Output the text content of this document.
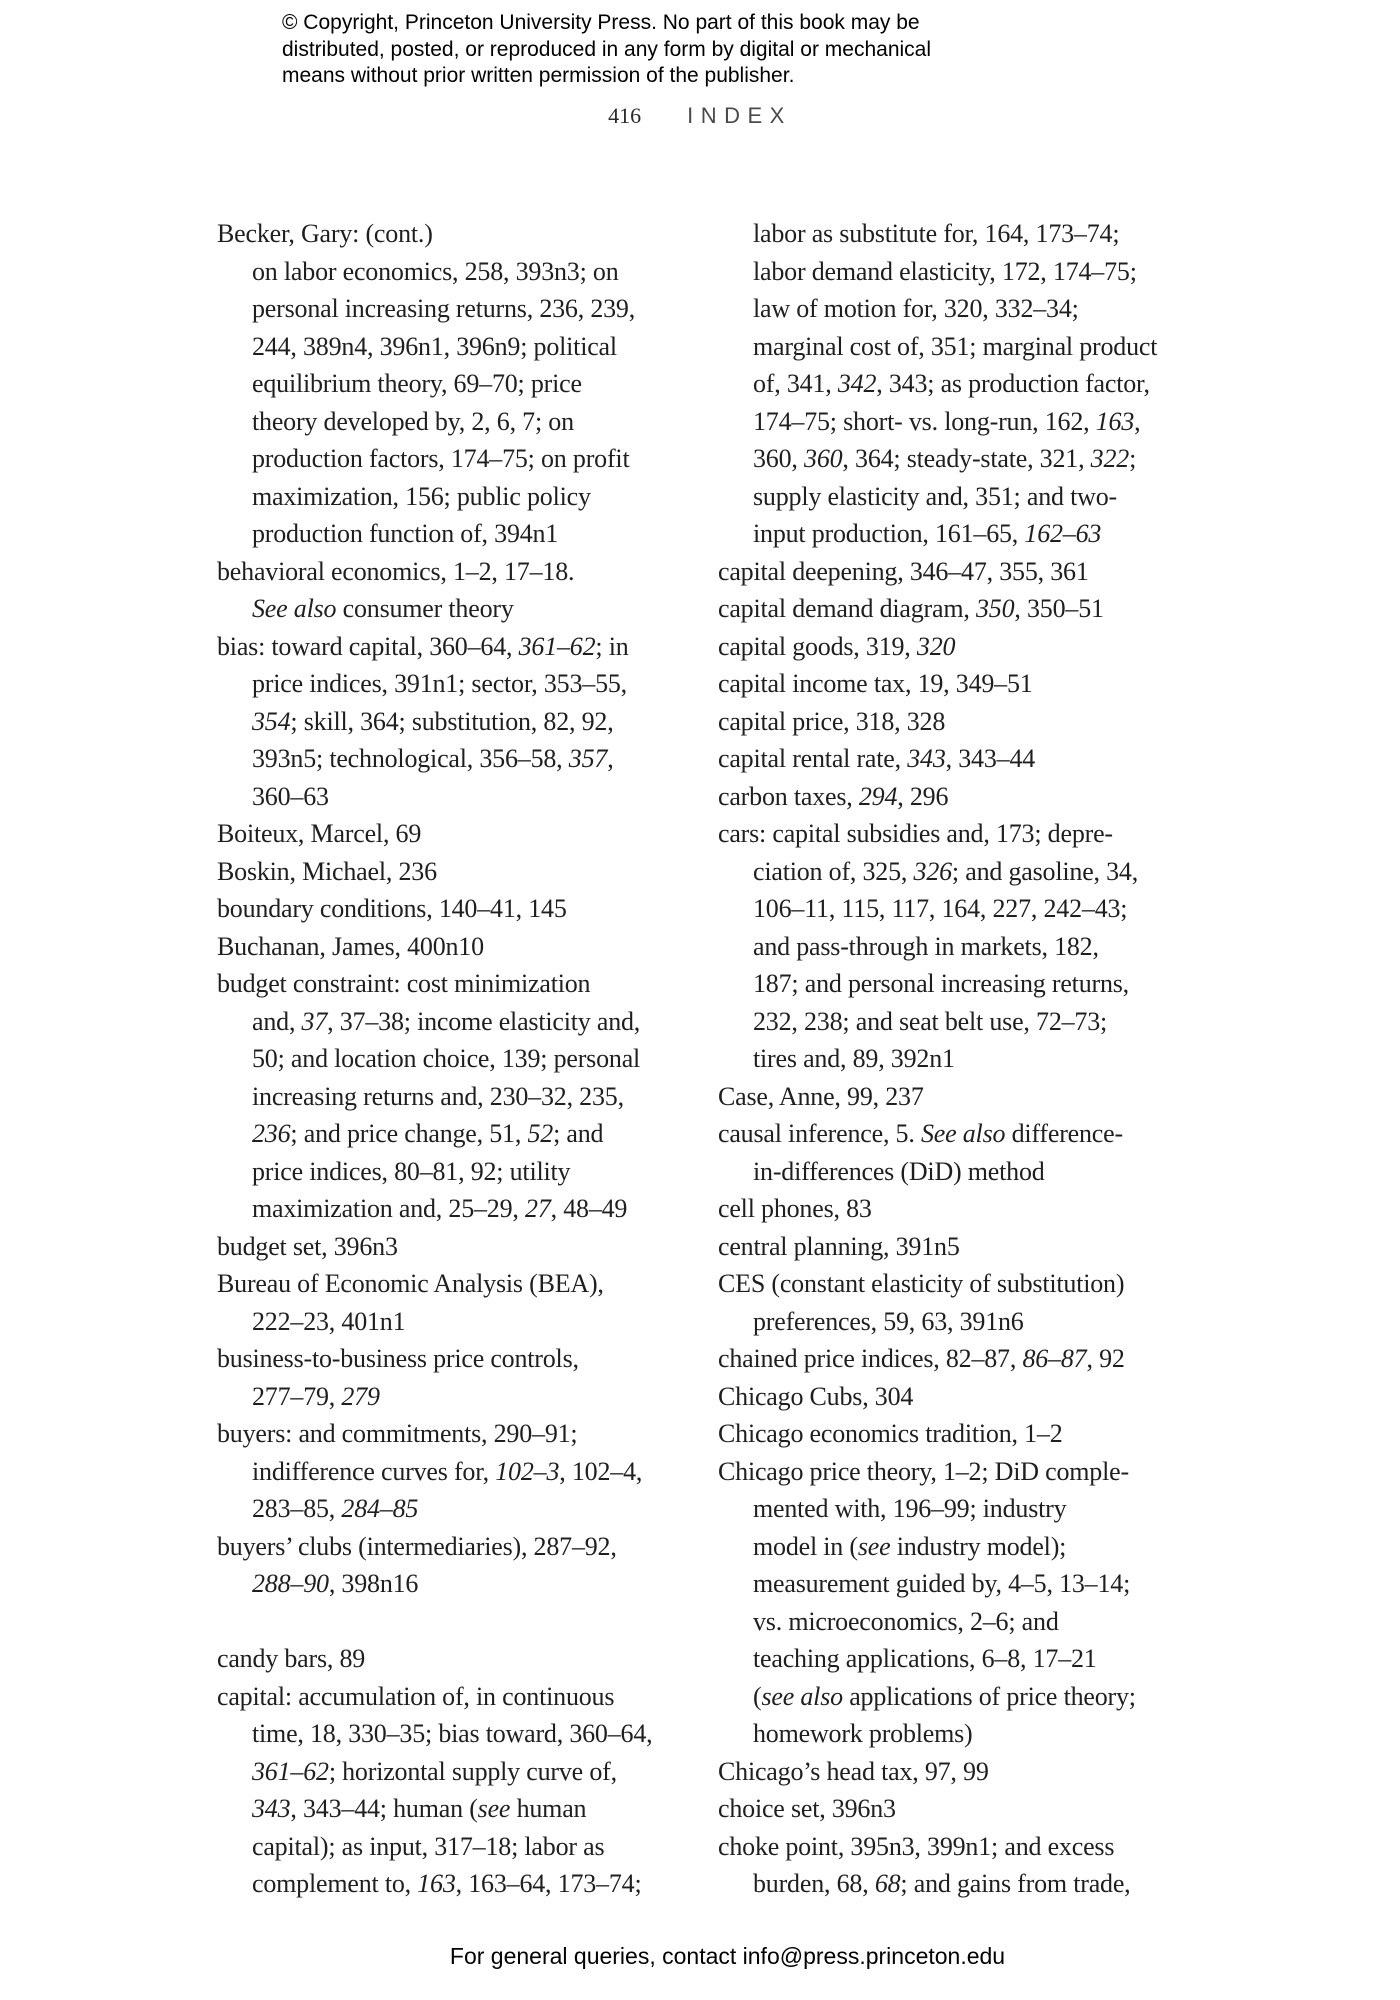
© Copyright, Princeton University Press. No part of this book may be
distributed, posted, or reproduced in any form by digital or mechanical
means without prior written permission of the publisher.
416 INDEX
Becker, Gary: (cont.)
on labor economics, 258, 393n3; on
personal increasing returns, 236, 239,
244, 389n4, 396n1, 396n9; political
equilibrium theory, 69–70; price
theory developed by, 2, 6, 7; on
production factors, 174–75; on profit
maximization, 156; public policy
production function of, 394n1
behavioral economics, 1–2, 17–18.
See also consumer theory
bias: toward capital, 360–64, 361–62; in
price indices, 391n1; sector, 353–55,
354; skill, 364; substitution, 82, 92,
393n5; technological, 356–58, 357,
360–63
Boiteux, Marcel, 69
Boskin, Michael, 236
boundary conditions, 140–41, 145
Buchanan, James, 400n10
budget constraint: cost minimization
and, 37, 37–38; income elasticity and,
50; and location choice, 139; personal
increasing returns and, 230–32, 235,
236; and price change, 51, 52; and
price indices, 80–81, 92; utility
maximization and, 25–29, 27, 48–49
budget set, 396n3
Bureau of Economic Analysis (BEA),
222–23, 401n1
business-to-business price controls,
277–79, 279
buyers: and commitments, 290–91;
indifference curves for, 102–3, 102–4,
283–85, 284–85
buyers’ clubs (intermediaries), 287–92,
288–90, 398n16
candy bars, 89
capital: accumulation of, in continuous
time, 18, 330–35; bias toward, 360–64,
361–62; horizontal supply curve of,
343, 343–44; human (see human
capital); as input, 317–18; labor as
complement to, 163, 163–64, 173–74;
labor as substitute for, 164, 173–74;
labor demand elasticity, 172, 174–75;
law of motion for, 320, 332–34;
marginal cost of, 351; marginal product
of, 341, 342, 343; as production factor,
174–75; short- vs. long-run, 162, 163,
360, 360, 364; steady-state, 321, 322;
supply elasticity and, 351; and two-
input production, 161–65, 162–63
capital deepening, 346–47, 355, 361
capital demand diagram, 350, 350–51
capital goods, 319, 320
capital income tax, 19, 349–51
capital price, 318, 328
capital rental rate, 343, 343–44
carbon taxes, 294, 296
cars: capital subsidies and, 173; depre-
ciation of, 325, 326; and gasoline, 34,
106–11, 115, 117, 164, 227, 242–43;
and pass-through in markets, 182,
187; and personal increasing returns,
232, 238; and seat belt use, 72–73;
tires and, 89, 392n1
Case, Anne, 99, 237
causal inference, 5. See also difference-
in-differences (DiD) method
cell phones, 83
central planning, 391n5
CES (constant elasticity of substitution)
preferences, 59, 63, 391n6
chained price indices, 82–87, 86–87, 92
Chicago Cubs, 304
Chicago economics tradition, 1–2
Chicago price theory, 1–2; DiD comple-
mented with, 196–99; industry
model in (see industry model);
measurement guided by, 4–5, 13–14;
vs. microeconomics, 2–6; and
teaching applications, 6–8, 17–21
(see also applications of price theory;
homework problems)
Chicago’s head tax, 97, 99
choice set, 396n3
choke point, 395n3, 399n1; and excess
burden, 68, 68; and gains from trade,
For general queries, contact info@press.princeton.edu
